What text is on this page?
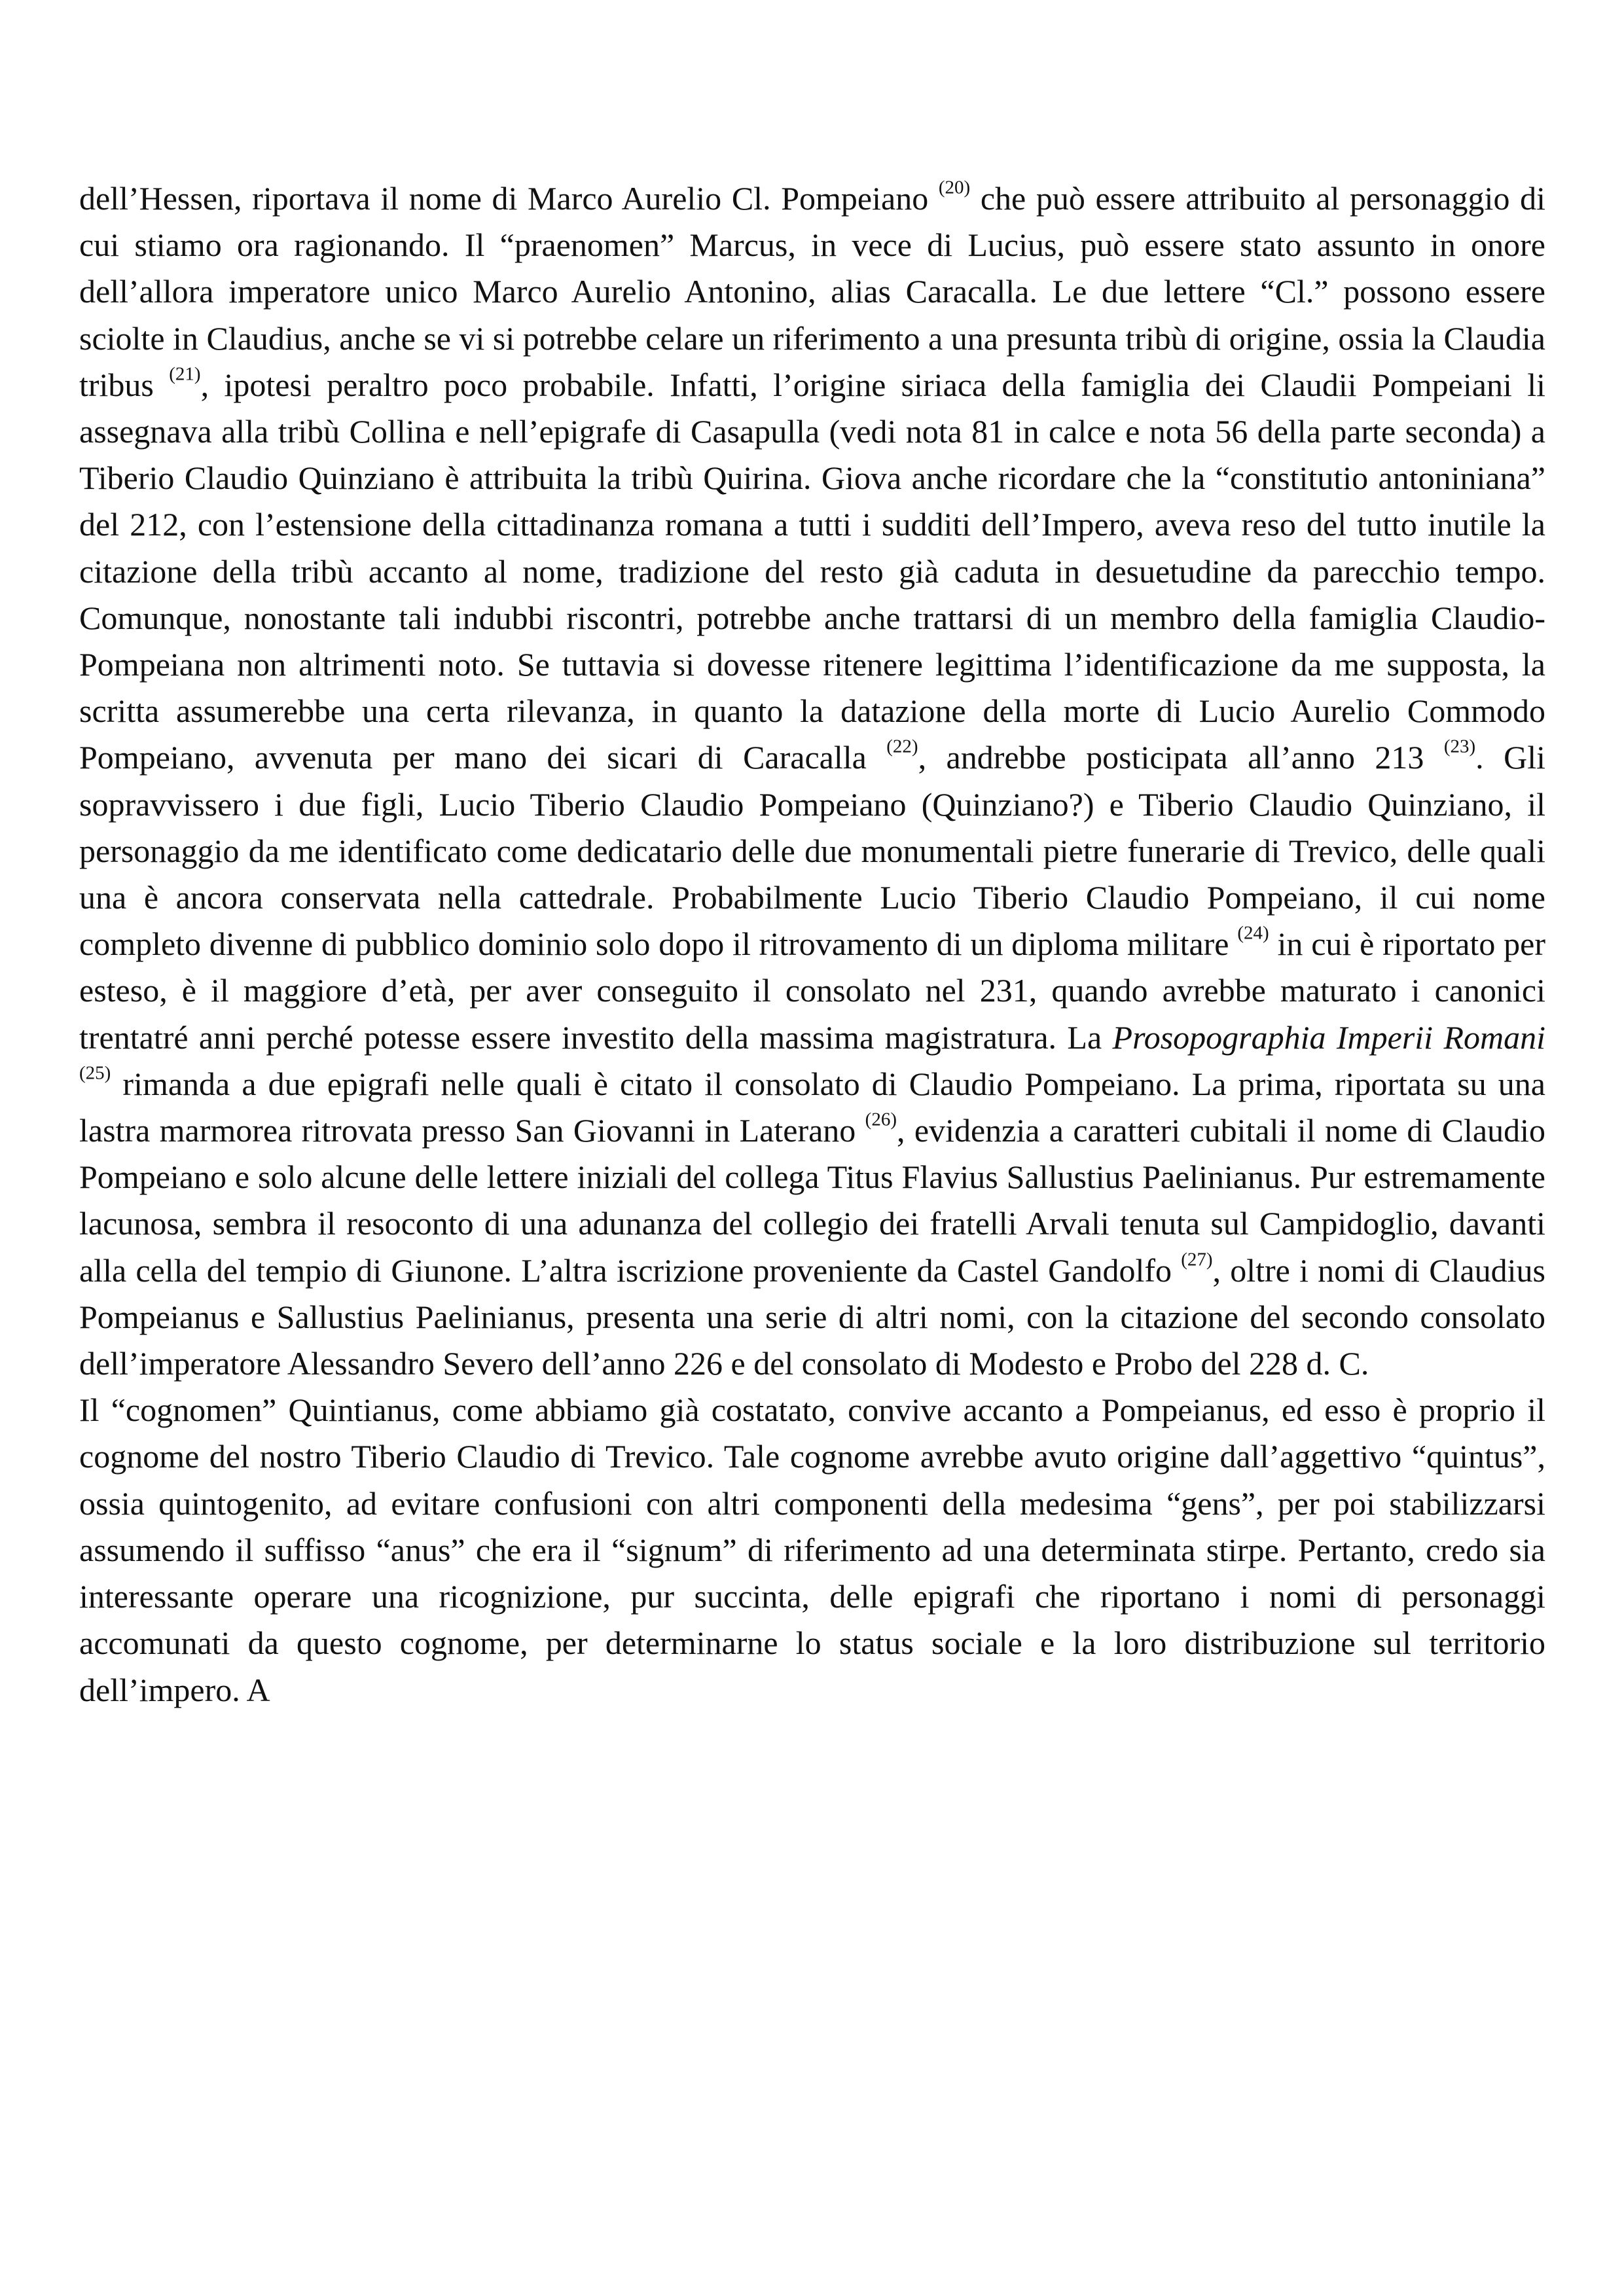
dell’Hessen, riportava il nome di Marco Aurelio Cl. Pompeiano $^{(20)}$ che può essere attribuito al personaggio di cui stiamo ora ragionando. Il “praenomen” Marcus, in vece di Lucius, può essere stato assunto in onore dell’allora imperatore unico Marco Aurelio Antonino, alias Caracalla. Le due lettere “Cl.” possono essere sciolte in Claudius, anche se vi si potrebbe celare un riferimento a una presunta tribù di origine, ossia la Claudia tribus $^{(21)}$, ipotesi peraltro poco probabile. Infatti, l’origine siriaca della famiglia dei Claudii Pompeiani li assegnava alla tribù Collina e nell’epigrafe di Casapulla (vedi nota 81 in calce e nota 56 della parte seconda) a Tiberio Claudio Quinziano è attribuita la tribù Quirina. Giova anche ricordare che la “constitutio antoniniana” del 212, con l’estensione della cittadinanza romana a tutti i sudditi dell’Impero, aveva reso del tutto inutile la citazione della tribù accanto al nome, tradizione del resto già caduta in desuetudine da parecchio tempo. Comunque, nonostante tali indubbi riscontri, potrebbe anche trattarsi di un membro della famiglia Claudio-Pompeiana non altrimenti noto. Se tuttavia si dovesse ritenere legittima l’identificazione da me supposta, la scritta assumerebbe una certa rilevanza, in quanto la datazione della morte di Lucio Aurelio Commodo Pompeiano, avvenuta per mano dei sicari di Caracalla $^{(22)}$, andrebbe posticipata all’anno 213 $^{(23)}$. Gli sopravvissero i due figli, Lucio Tiberio Claudio Pompeiano (Quinziano?) e Tiberio Claudio Quinziano, il personaggio da me identificato come dedicatario delle due monumentali pietre funerarie di Trevico, delle quali una è ancora conservata nella cattedrale. Probabilmente Lucio Tiberio Claudio Pompeiano, il cui nome completo divenne di pubblico dominio solo dopo il ritrovamento di un diploma militare $^{(24)}$ in cui è riportato per esteso, è il maggiore d’età, per aver conseguito il consolato nel 231, quando avrebbe maturato i canonici trentatré anni perché potesse essere investito della massima magistratura. La Prosopographia Imperii Romani $^{(25)}$ rimanda a due epigrafi nelle quali è citato il consolato di Claudio Pompeiano. La prima, riportata su una lastra marmorea ritrovata presso San Giovanni in Laterano $^{(26)}$, evidenzia a caratteri cubitali il nome di Claudio Pompeiano e solo alcune delle lettere iniziali del collega Titus Flavius Sallustius Paelinianus. Pur estremamente lacunosa, sembra il resoconto di una adunanza del collegio dei fratelli Arvali tenuta sul Campidoglio, davanti alla cella del tempio di Giunone. L’altra iscrizione proveniente da Castel Gandolfo $^{(27)}$, oltre i nomi di Claudius Pompeianus e Sallustius Paelinianus, presenta una serie di altri nomi, con la citazione del secondo consolato dell’imperatore Alessandro Severo dell’anno 226 e del consolato di Modesto e Probo del 228 d. C.

Il “cognomen” Quintianus, come abbiamo già costatato, convive accanto a Pompeianus, ed esso è proprio il cognome del nostro Tiberio Claudio di Trevico. Tale cognome avrebbe avuto origine dall’aggettivo “quintus”, ossia quintogenito, ad evitare confusioni con altri componenti della medesima “gens”, per poi stabilizzarsi assumendo il suffisso “anus” che era il “signum” di riferimento ad una determinata stirpe. Pertanto, credo sia interessante operare una ricognizione, pur succinta, delle epigrafi che riportano i nomi di personaggi accomunati da questo cognome, per determinarne lo status sociale e la loro distribuzione sul territorio dell’impero. A
